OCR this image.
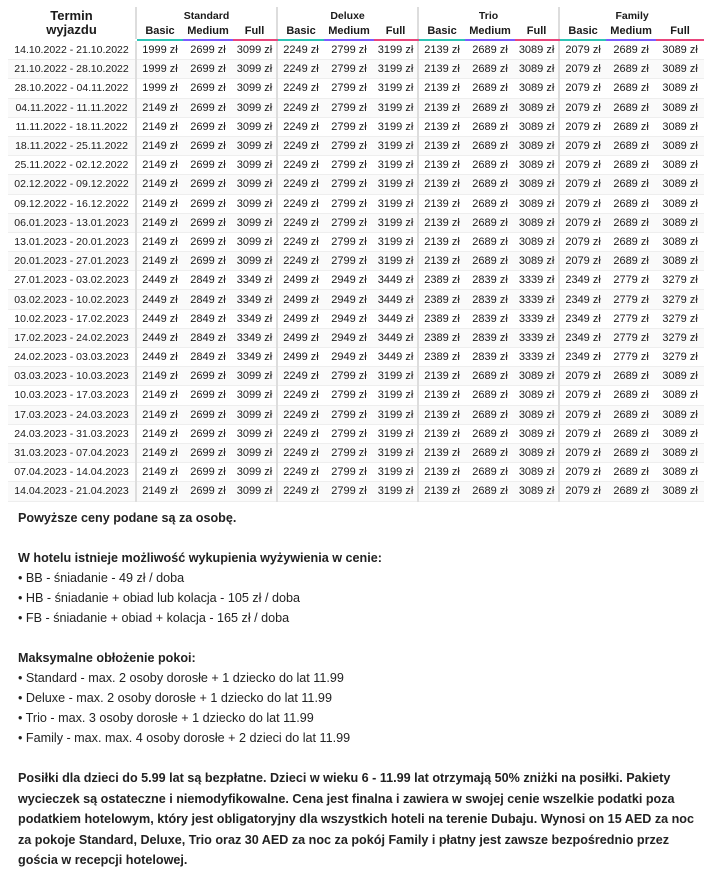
Termin
wyjazdu	Standard			Deluxe			Trio			Family		
	Basic	Medium	Full	Basic	Medium	Full	Basic	Medium	Full	Basic	Medium	Full
14.10.2022 - 21.10.2022	1999 zł	2699 zł	3099 zł	2249 zł	2799 zł	3199 zł	2139 zł	2689 zł	3089 zł	2079 zł	2689 zł	3089 zł
21.10.2022 - 28.10.2022	1999 zł	2699 zł	3099 zł	2249 zł	2799 zł	3199 zł	2139 zł	2689 zł	3089 zł	2079 zł	2689 zł	3089 zł
28.10.2022 - 04.11.2022	1999 zł	2699 zł	3099 zł	2249 zł	2799 zł	3199 zł	2139 zł	2689 zł	3089 zł	2079 zł	2689 zł	3089 zł
04.11.2022 - 11.11.2022	2149 zł	2699 zł	3099 zł	2249 zł	2799 zł	3199 zł	2139 zł	2689 zł	3089 zł	2079 zł	2689 zł	3089 zł
11.11.2022 - 18.11.2022	2149 zł	2699 zł	3099 zł	2249 zł	2799 zł	3199 zł	2139 zł	2689 zł	3089 zł	2079 zł	2689 zł	3089 zł
18.11.2022 - 25.11.2022	2149 zł	2699 zł	3099 zł	2249 zł	2799 zł	3199 zł	2139 zł	2689 zł	3089 zł	2079 zł	2689 zł	3089 zł
25.11.2022 - 02.12.2022	2149 zł	2699 zł	3099 zł	2249 zł	2799 zł	3199 zł	2139 zł	2689 zł	3089 zł	2079 zł	2689 zł	3089 zł
02.12.2022 - 09.12.2022	2149 zł	2699 zł	3099 zł	2249 zł	2799 zł	3199 zł	2139 zł	2689 zł	3089 zł	2079 zł	2689 zł	3089 zł
09.12.2022 - 16.12.2022	2149 zł	2699 zł	3099 zł	2249 zł	2799 zł	3199 zł	2139 zł	2689 zł	3089 zł	2079 zł	2689 zł	3089 zł
06.01.2023 - 13.01.2023	2149 zł	2699 zł	3099 zł	2249 zł	2799 zł	3199 zł	2139 zł	2689 zł	3089 zł	2079 zł	2689 zł	3089 zł
13.01.2023 - 20.01.2023	2149 zł	2699 zł	3099 zł	2249 zł	2799 zł	3199 zł	2139 zł	2689 zł	3089 zł	2079 zł	2689 zł	3089 zł
20.01.2023 - 27.01.2023	2149 zł	2699 zł	3099 zł	2249 zł	2799 zł	3199 zł	2139 zł	2689 zł	3089 zł	2079 zł	2689 zł	3089 zł
27.01.2023 - 03.02.2023	2449 zł	2849 zł	3349 zł	2499 zł	2949 zł	3449 zł	2389 zł	2839 zł	3339 zł	2349 zł	2779 zł	3279 zł
03.02.2023 - 10.02.2023	2449 zł	2849 zł	3349 zł	2499 zł	2949 zł	3449 zł	2389 zł	2839 zł	3339 zł	2349 zł	2779 zł	3279 zł
10.02.2023 - 17.02.2023	2449 zł	2849 zł	3349 zł	2499 zł	2949 zł	3449 zł	2389 zł	2839 zł	3339 zł	2349 zł	2779 zł	3279 zł
17.02.2023 - 24.02.2023	2449 zł	2849 zł	3349 zł	2499 zł	2949 zł	3449 zł	2389 zł	2839 zł	3339 zł	2349 zł	2779 zł	3279 zł
24.02.2023 - 03.03.2023	2449 zł	2849 zł	3349 zł	2499 zł	2949 zł	3449 zł	2389 zł	2839 zł	3339 zł	2349 zł	2779 zł	3279 zł
03.03.2023 - 10.03.2023	2149 zł	2699 zł	3099 zł	2249 zł	2799 zł	3199 zł	2139 zł	2689 zł	3089 zł	2079 zł	2689 zł	3089 zł
10.03.2023 - 17.03.2023	2149 zł	2699 zł	3099 zł	2249 zł	2799 zł	3199 zł	2139 zł	2689 zł	3089 zł	2079 zł	2689 zł	3089 zł
17.03.2023 - 24.03.2023	2149 zł	2699 zł	3099 zł	2249 zł	2799 zł	3199 zł	2139 zł	2689 zł	3089 zł	2079 zł	2689 zł	3089 zł
24.03.2023 - 31.03.2023	2149 zł	2699 zł	3099 zł	2249 zł	2799 zł	3199 zł	2139 zł	2689 zł	3089 zł	2079 zł	2689 zł	3089 zł
31.03.2023 - 07.04.2023	2149 zł	2699 zł	3099 zł	2249 zł	2799 zł	3199 zł	2139 zł	2689 zł	3089 zł	2079 zł	2689 zł	3089 zł
07.04.2023 - 14.04.2023	2149 zł	2699 zł	3099 zł	2249 zł	2799 zł	3199 zł	2139 zł	2689 zł	3089 zł	2079 zł	2689 zł	3089 zł
14.04.2023 - 21.04.2023	2149 zł	2699 zł	3099 zł	2249 zł	2799 zł	3199 zł	2139 zł	2689 zł	3089 zł	2079 zł	2689 zł	3089 zł

Powyższe ceny podane są za osobę.

W hotelu istnieje możliwość wykupienia wyżywienia w cenie:

• BB - śniadanie - 49 zł / doba

• HB - śniadanie + obiad lub kolacja - 105 zł / doba

• FB - śniadanie + obiad + kolacja - 165 zł / doba

Maksymalne obłożenie pokoi:

• Standard - max. 2 osoby dorosłe + 1 dziecko do lat 11.99

• Deluxe - max. 2 osoby dorosłe + 1 dziecko do lat 11.99

• Trio - max. 3 osoby dorosłe + 1 dziecko do lat 11.99

• Family - max. max. 4 osoby dorosłe + 2 dzieci do lat 11.99

Posiłki dla dzieci do 5.99 lat są bezpłatne. Dzieci w wieku 6 - 11.99 lat otrzymają 50% zniżki na posiłki. Pakiety wycieczek są ostateczne i niemodyfikowalne. Cena jest finalna i zawiera w swojej cenie wszelkie podatki poza podatkiem hotelowym, który jest obligatoryjny dla wszystkich hoteli na terenie Dubaju. Wynosi on 15 AED za noc za pokoje Standard, Deluxe, Trio oraz 30 AED za noc za pokój Family i płatny jest zawsze bezpośrednio przez gościa w recepcji hotelowej.
